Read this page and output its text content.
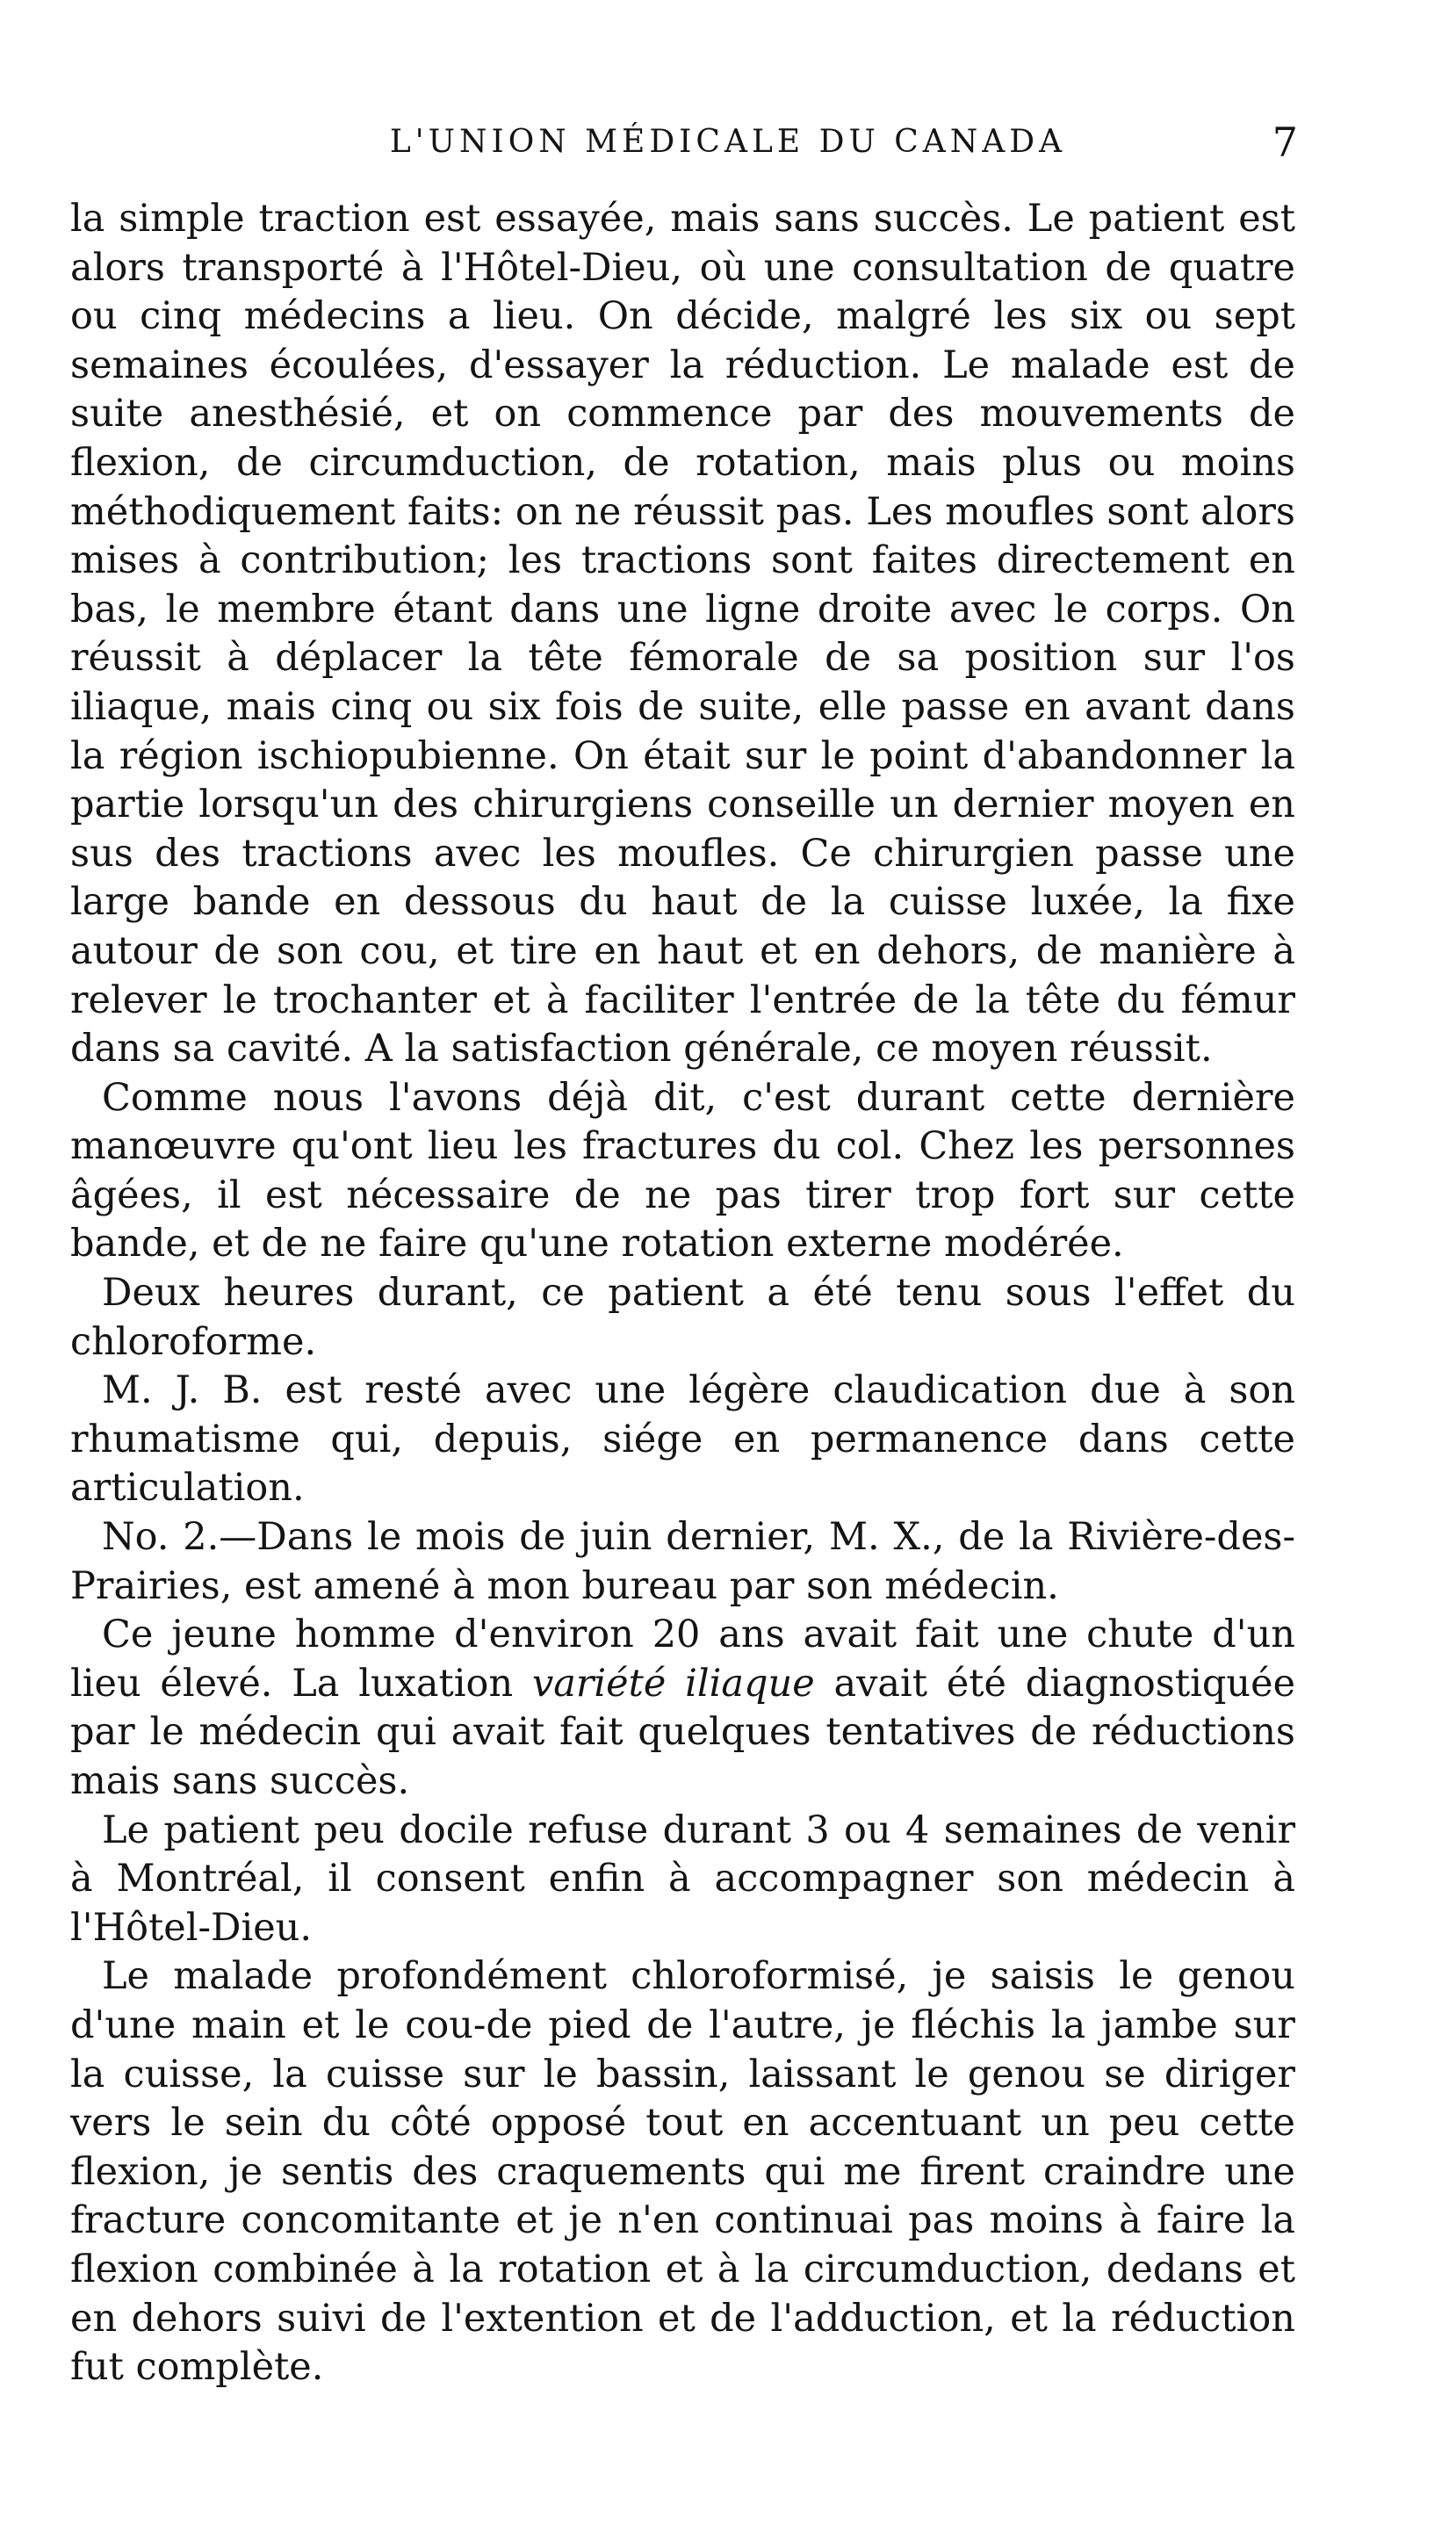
L'UNION MÉDICALE DU CANADA	7

la simple traction est essayée, mais sans succès. Le patient est alors transporté à l'Hôtel-Dieu, où une consultation de quatre ou cinq médecins a lieu. On décide, malgré les six ou sept semaines écoulées, d'essayer la réduction. Le malade est de suite anesthésié, et on commence par des mouvements de flexion, de circumduction, de rotation, mais plus ou moins méthodiquement faits: on ne réussit pas. Les moufles sont alors mises à contribution; les tractions sont faites directement en bas, le membre étant dans une ligne droite avec le corps. On réussit à déplacer la tête fémorale de sa position sur l'os iliaque, mais cinq ou six fois de suite, elle passe en avant dans la région ischiopubienne. On était sur le point d'abandonner la partie lorsqu'un des chirurgiens conseille un dernier moyen en sus des tractions avec les moufles. Ce chirurgien passe une large bande en dessous du haut de la cuisse luxée, la fixe autour de son cou, et tire en haut et en dehors, de manière à relever le trochanter et à faciliter l'entrée de la tête du fémur dans sa cavité. A la satisfaction générale, ce moyen réussit.

Comme nous l'avons déjà dit, c'est durant cette dernière manœuvre qu'ont lieu les fractures du col. Chez les personnes âgées, il est nécessaire de ne pas tirer trop fort sur cette bande, et de ne faire qu'une rotation externe modérée.

Deux heures durant, ce patient a été tenu sous l'effet du chloroforme.

M. J. B. est resté avec une légère claudication due à son rhumatisme qui, depuis, siége en permanence dans cette articulation.

No. 2.—Dans le mois de juin dernier, M. X., de la Rivière-des-Prairies, est amené à mon bureau par son médecin.

Ce jeune homme d'environ 20 ans avait fait une chute d'un lieu élevé. La luxation variété iliaque avait été diagnostiquée par le médecin qui avait fait quelques tentatives de réductions mais sans succès.

Le patient peu docile refuse durant 3 ou 4 semaines de venir à Montréal, il consent enfin à accompagner son médecin à l'Hôtel-Dieu.

Le malade profondément chloroformisé, je saisis le genou d'une main et le cou-de pied de l'autre, je fléchis la jambe sur la cuisse, la cuisse sur le bassin, laissant le genou se diriger vers le sein du côté opposé tout en accentuant un peu cette flexion, je sentis des craquements qui me firent craindre une fracture concomitante et je n'en continuai pas moins à faire la flexion combinée à la rotation et à la circumduction, dedans et en dehors suivi de l'extention et de l'adduction, et la réduction fut complète.
